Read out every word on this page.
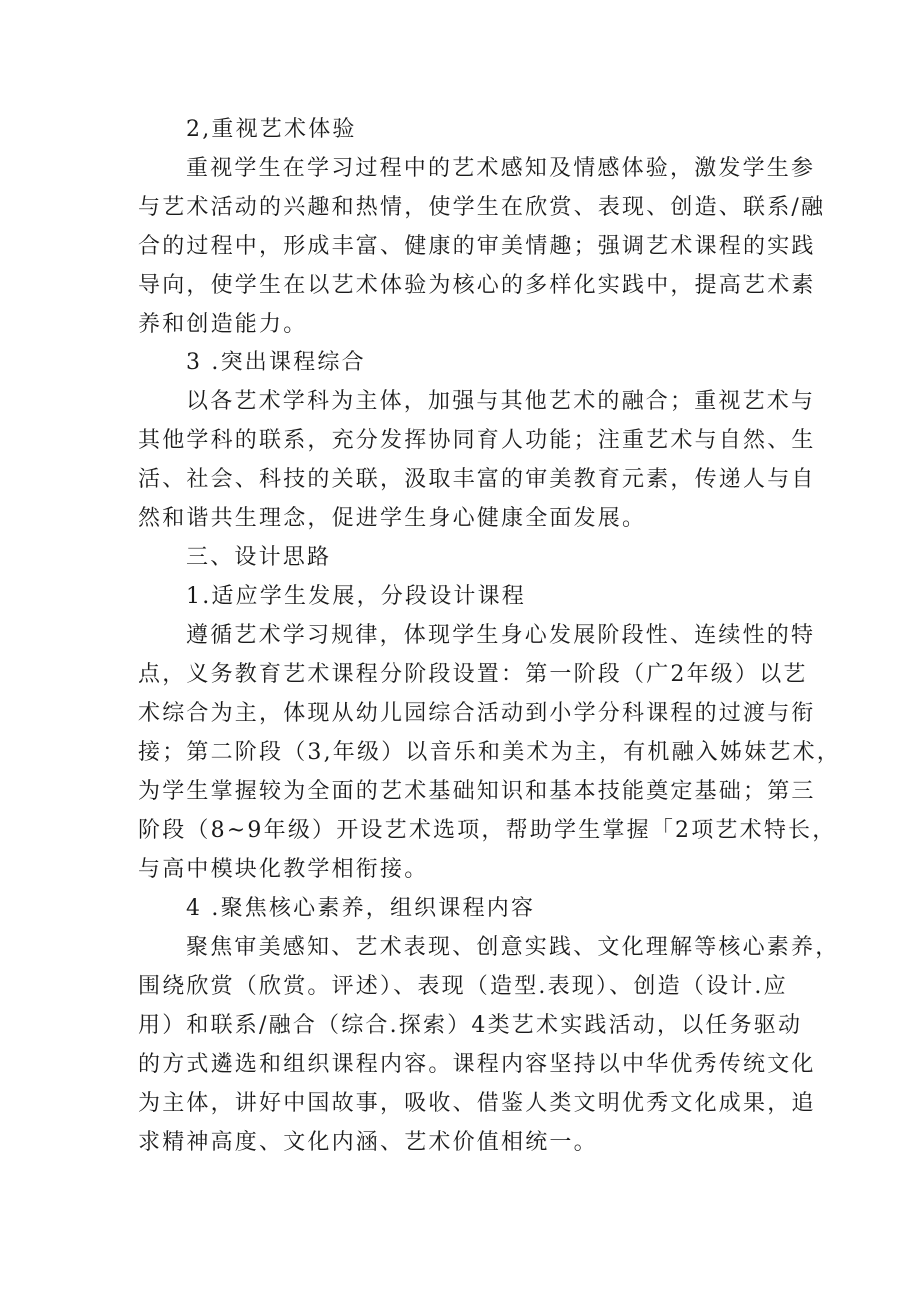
2,重视艺术体验
重视学生在学习过程中的艺术感知及情感体验，激发学生参
与艺术活动的兴趣和热情，使学生在欣赏、表现、创造、联系/融
合的过程中，形成丰富、健康的审美情趣；强调艺术课程的实践
导向，使学生在以艺术体验为核心的多样化实践中，提高艺术素
养和创造能力。
3 .突出课程综合
以各艺术学科为主体，加强与其他艺术的融合；重视艺术与
其他学科的联系，充分发挥协同育人功能；注重艺术与自然、生
活、社会、科技的关联，汲取丰富的审美教育元素，传递人与自
然和谐共生理念，促进学生身心健康全面发展。
三、设计思路
1.适应学生发展，分段设计课程
遵循艺术学习规律，体现学生身心发展阶段性、连续性的特
点，义务教育艺术课程分阶段设置：第一阶段（广2年级）以艺
术综合为主，体现从幼儿园综合活动到小学分科课程的过渡与衔
接；第二阶段（3,年级）以音乐和美术为主，有机融入姊妹艺术，
为学生掌握较为全面的艺术基础知识和基本技能奠定基础；第三
阶段（8~9年级）开设艺术选项，帮助学生掌握「2项艺术特长，
与高中模块化教学相衔接。
4 .聚焦核心素养，组织课程内容
聚焦审美感知、艺术表现、创意实践、文化理解等核心素养，
围绕欣赏（欣赏。评述）、表现（造型.表现）、创造（设计.应
用）和联系/融合（综合.探索）4类艺术实践活动，以任务驱动
的方式遴选和组织课程内容。课程内容坚持以中华优秀传统文化
为主体，讲好中国故事，吸收、借鉴人类文明优秀文化成果，追
求精神高度、文化内涵、艺术价值相统一。
